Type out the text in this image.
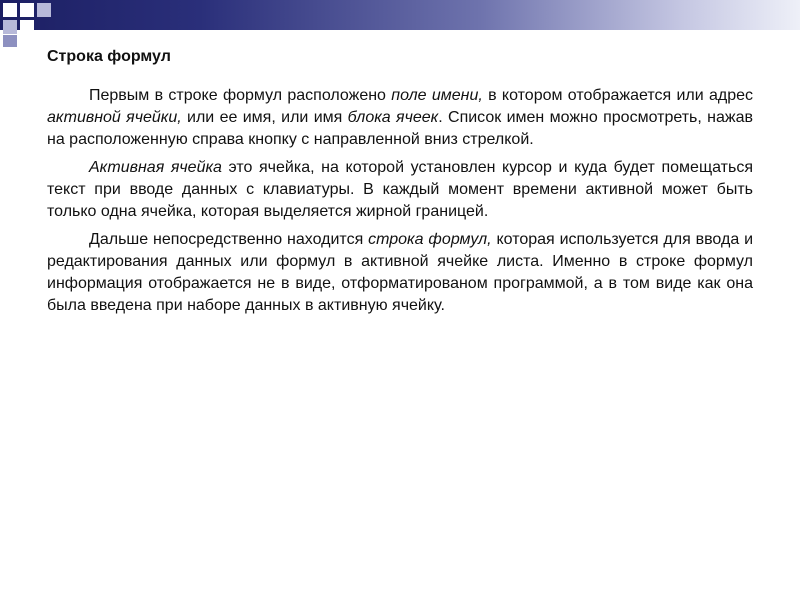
Строка формул

Первым в строке формул расположено поле имени, в котором отображается или адрес активной ячейки, или ее имя, или имя блока ячеек. Список имен можно просмотреть, нажав на расположенную справа кнопку с направленной вниз стрелкой.

Активная ячейка это ячейка, на которой установлен курсор и куда будет помещаться текст при вводе данных с клавиатуры. В каждый момент времени активной может быть только одна ячейка, которая выделяется жирной границей.

Дальше непосредственно находится строка формул, которая используется для ввода и редактирования данных или формул в активной ячейке листа. Именно в строке формул информация отображается не в виде, отформатированом программой, а в том виде как она была введена при наборе данных в активную ячейку.
